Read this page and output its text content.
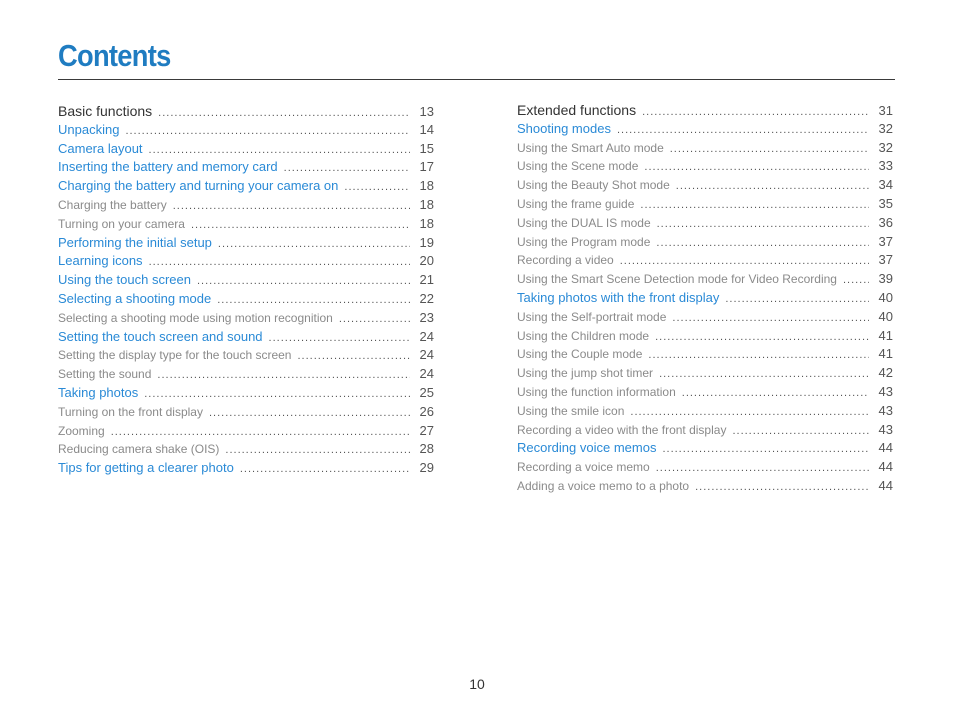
Contents
Basic functions .....	13
Unpacking .....	14
Camera layout .....	15
Inserting the battery and memory card .....	17
Charging the battery and turning your camera on .....	18
Charging the battery .....	18
Turning on your camera .....	18
Performing the initial setup .....	19
Learning icons .....	20
Using the touch screen .....	21
Selecting a shooting mode .....	22
Selecting a shooting mode using motion recognition .....	23
Setting the touch screen and sound .....	24
Setting the display type for the touch screen .....	24
Setting the sound .....	24
Taking photos .....	25
Turning on the front display .....	26
Zooming .....	27
Reducing camera shake (OIS) .....	28
Tips for getting a clearer photo .....	29
Extended functions .....	31
Shooting modes .....	32
Using the Smart Auto mode .....	32
Using the Scene mode .....	33
Using the Beauty Shot mode .....	34
Using the frame guide .....	35
Using the DUAL IS mode .....	36
Using the Program mode .....	37
Recording a video .....	37
Using the Smart Scene Detection mode for Video Recording .....	39
Taking photos with the front display .....	40
Using the Self-portrait mode .....	40
Using the Children mode .....	41
Using the Couple mode .....	41
Using the jump shot timer .....	42
Using the function information .....	43
Using the smile icon .....	43
Recording a video with the front display .....	43
Recording voice memos .....	44
Recording a voice memo .....	44
Adding a voice memo to a photo .....	44
10
